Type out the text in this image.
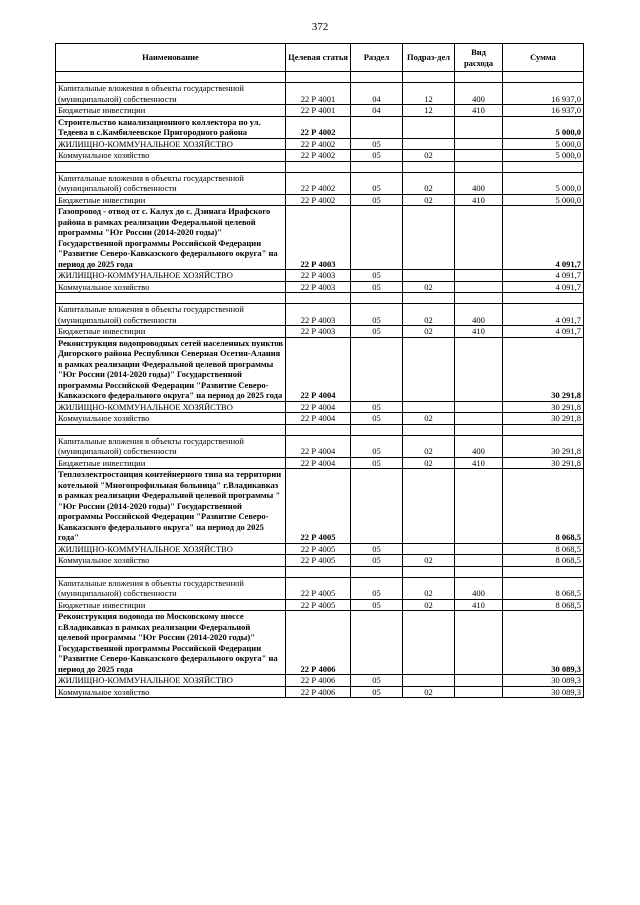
372
Наименование	Целевая статья	Раздел	Подраз-дел	Вид расхода	Сумма

Капитальные вложения в объекты государственной (муниципальной) собственности	22 Р 4001	04	12	400	16 937,0
Бюджетные инвестиции	22 Р 4001	04	12	410	16 937,0
Строительство канализационного коллектора по ул. Тедеева в с.Камбилеевское Пригородного района	22 Р 4002				5 000,0
ЖИЛИЩНО-КОММУНАЛЬНОЕ ХОЗЯЙСТВО	22 Р 4002	05			5 000,0
Коммунальное хозяйство	22 Р 4002	05	02		5 000,0

Капитальные вложения в объекты государственной (муниципальной) собственности	22 Р 4002	05	02	400	5 000,0
Бюджетные инвестиции	22 Р 4002	05	02	410	5 000,0
Газопровод - отвод от с. Калух до с. Дзинага Ирафского района в рамках реализации Федеральной целевой программы "Юг России (2014-2020 годы)" Государственной программы Российской Федерации "Развитие Северо-Кавказского федерального округа" на период до 2025 года	22 Р 4003				4 091,7
ЖИЛИЩНО-КОММУНАЛЬНОЕ ХОЗЯЙСТВО	22 Р 4003	05			4 091,7
Коммунальное хозяйство	22 Р 4003	05	02		4 091,7

Капитальные вложения в объекты государственной (муниципальной) собственности	22 Р 4003	05	02	400	4 091,7
Бюджетные инвестиции	22 Р 4003	05	02	410	4 091,7
Реконструкция водопроводных сетей населенных пунктов Дигорского района Республики Северная Осетия-Алания в рамках реализации Федеральной целевой программы "Юг России (2014-2020 годы)" Государственной программы Российской Федерации "Развитие Северо-Кавказского федерального округа" на период до 2025 года	22 Р 4004				30 291,8
ЖИЛИЩНО-КОММУНАЛЬНОЕ ХОЗЯЙСТВО	22 Р 4004	05			30 291,8
Коммунальное хозяйство	22 Р 4004	05	02		30 291,8

Капитальные вложения в объекты государственной (муниципальной) собственности	22 Р 4004	05	02	400	30 291,8
Бюджетные инвестиции	22 Р 4004	05	02	410	30 291,8
Теплоэлектростанция контейнерного типа на территории котельной "Многопрофильная больница" г.Владикавказ в рамках реализации Федеральной целевой программы " "Юг России (2014-2020 годы)" Государственной программы Российской Федерации "Развитие Северо-Кавказского федерального округа" на период до 2025 года"	22 Р 4005				8 068,5
ЖИЛИЩНО-КОММУНАЛЬНОЕ ХОЗЯЙСТВО	22 Р 4005	05			8 068,5
Коммунальное хозяйство	22 Р 4005	05	02		8 068,5

Капитальные вложения в объекты государственной (муниципальной) собственности	22 Р 4005	05	02	400	8 068,5
Бюджетные инвестиции	22 Р 4005	05	02	410	8 068,5
Реконструкция водовода по Московскому шоссе г.Владикавказ в рамках реализации Федеральной целевой программы "Юг России (2014-2020 годы)" Государственной программы Российской Федерации "Развитие Северо-Кавказского федерального округа" на период до 2025 года	22 Р 4006				30 089,3
ЖИЛИЩНО-КОММУНАЛЬНОЕ ХОЗЯЙСТВО	22 Р 4006	05			30 089,3
Коммунальное хозяйство	22 Р 4006	05	02		30 089,3
